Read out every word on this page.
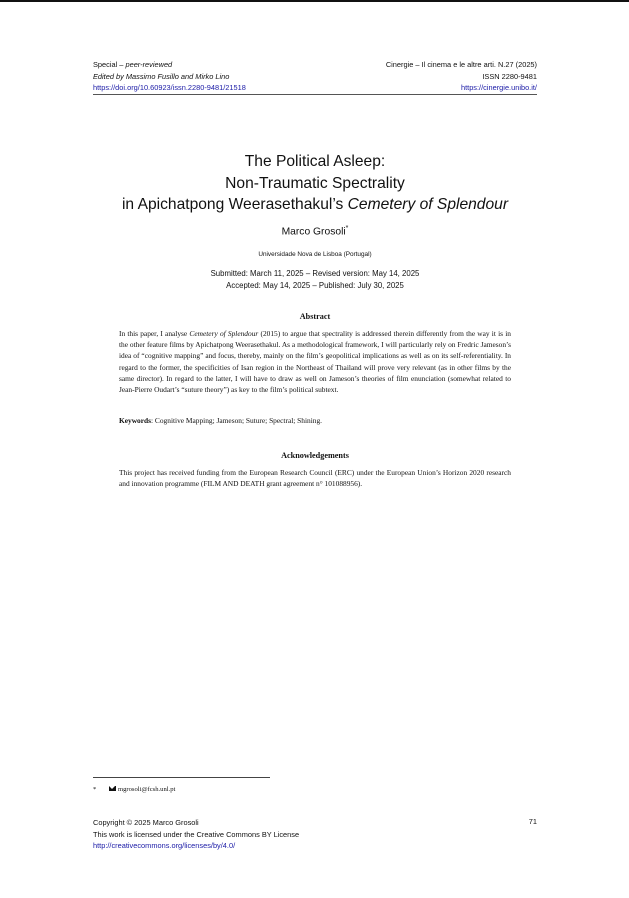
Special – peer-reviewed
Edited by Massimo Fusillo and Mirko Lino
https://doi.org/10.60923/issn.2280-9481/21518
Cinergie – Il cinema e le altre arti. N.27 (2025)
ISSN 2280-9481
https://cinergie.unibo.it/
The Political Asleep:
Non-Traumatic Spectrality
in Apichatpong Weerasethakul’s Cemetery of Splendour
Marco Grosoli*
Universidade Nova de Lisboa (Portugal)
Submitted: March 11, 2025 – Revised version: May 14, 2025
Accepted: May 14, 2025 – Published: July 30, 2025
Abstract
In this paper, I analyse Cemetery of Splendour (2015) to argue that spectrality is addressed therein differently from the way it is in the other feature films by Apichatpong Weerasethakul. As a methodological framework, I will particularly rely on Fredric Jameson’s idea of “cognitive mapping” and focus, thereby, mainly on the film’s geopolitical implications as well as on its self-referentiality. In regard to the former, the specificities of Isan region in the Northeast of Thailand will prove very relevant (as in other films by the same director). In regard to the latter, I will have to draw as well on Jameson’s theories of film enunciation (somewhat related to Jean-Pierre Oudart’s “suture theory”) as key to the film’s political subtext.
Keywords: Cognitive Mapping; Jameson; Suture; Spectral; Shining.
Acknowledgements
This project has received funding from the European Research Council (ERC) under the European Union’s Horizon 2020 research and innovation programme (FILM AND DEATH grant agreement n° 101088956).
*	mgrosoli@fcsh.unl.pt
Copyright © 2025 Marco Grosoli
This work is licensed under the Creative Commons BY License
http://creativecommons.org/licenses/by/4.0/
71
